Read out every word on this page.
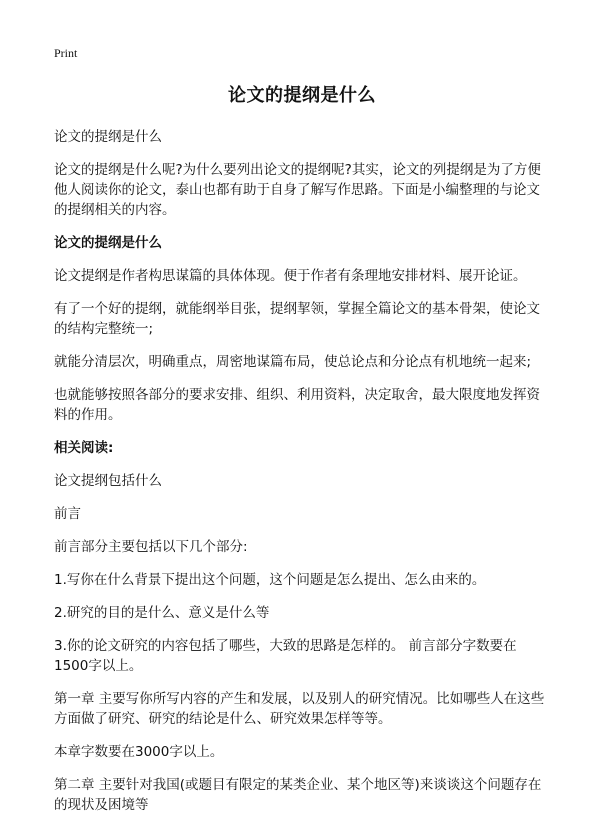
Print
论文的提纲是什么

论文的提纲是什么

论文的提纲是什么呢?为什么要列出论文的提纲呢?其实，论文的列提纲是为了方便他人阅读你的论文，泰山也都有助于自身了解写作思路。下面是小编整理的与论文的提纲相关的内容。

论文的提纲是什么

论文提纲是作者构思谋篇的具体体现。便于作者有条理地安排材料、展开论证。

有了一个好的提纲，就能纲举目张，提纲挈领，掌握全篇论文的基本骨架，使论文的结构完整统一;

就能分清层次，明确重点，周密地谋篇布局，使总论点和分论点有机地统一起来;

也就能够按照各部分的要求安排、组织、利用资料，决定取舍，最大限度地发挥资料的作用。

相关阅读:

论文提纲包括什么

前言

前言部分主要包括以下几个部分:

1.写你在什么背景下提出这个问题，这个问题是怎么提出、怎么由来的。

2.研究的目的是什么、意义是什么等

3.你的论文研究的内容包括了哪些，大致的思路是怎样的。 前言部分字数要在1500字以上。

第一章 主要写你所写内容的产生和发展，以及别人的研究情况。比如哪些人在这些方面做了研究、研究的结论是什么、研究效果怎样等等。

本章字数要在3000字以上。

第二章 主要针对我国(或题目有限定的某类企业、某个地区等)来谈谈这个问题存在的现状及困境等
